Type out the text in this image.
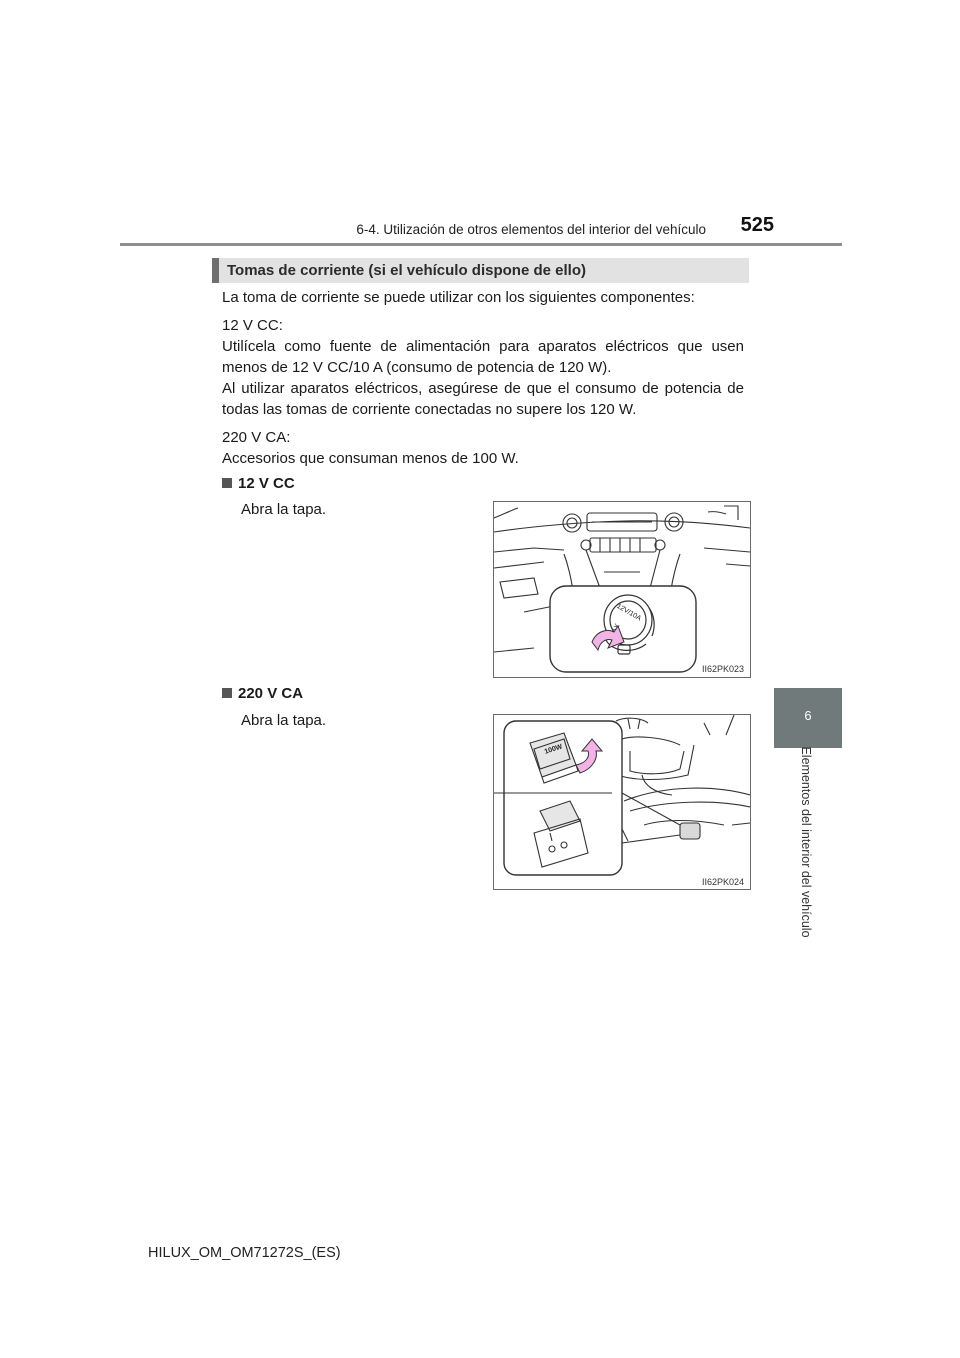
6-4. Utilización de otros elementos del interior del vehículo	525
6
Elementos del interior del vehículo
Tomas de corriente (si el vehículo dispone de ello)
La toma de corriente se puede utilizar con los siguientes componentes:
12 V CC:
Utilícela como fuente de alimentación para aparatos eléctricos que usen
menos de 12 V CC/10 A (consumo de potencia de 120 W).
Al utilizar aparatos eléctricos, asegúrese de que el consumo de potencia de
todas las tomas de corriente conectadas no supere los 120 W.
220 V CA:
Accesorios que consuman menos de 100 W.
12 V CC
Abra la tapa.
12V/10A
II62PK023
220 V CA
Abra la tapa.
100W
II62PK024
HILUX_OM_OM71272S_(ES)
